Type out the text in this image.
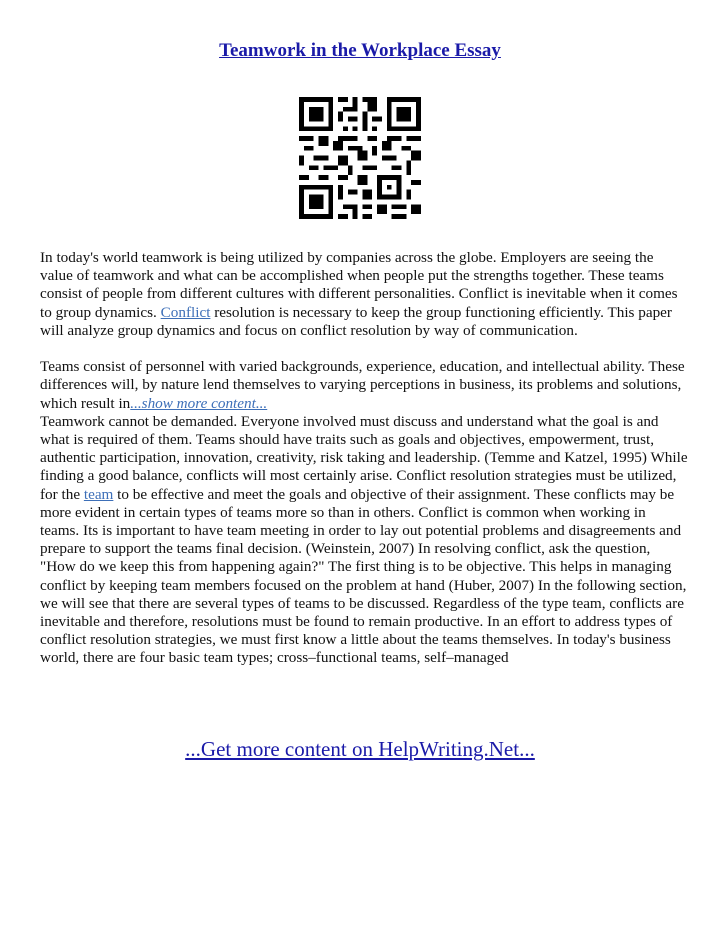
Teamwork in the Workplace Essay

In today's world teamwork is being utilized by companies across the globe. Employers are seeing the value of teamwork and what can be accomplished when people put the strengths together. These teams consist of people from different cultures with different personalities. Conflict is inevitable when it comes to group dynamics. Conflict resolution is necessary to keep the group functioning efficiently. This paper will analyze group dynamics and focus on conflict resolution by way of communication.

Teams consist of personnel with varied backgrounds, experience, education, and intellectual ability. These differences will, by nature lend themselves to varying perceptions in business, its problems and solutions, which result in...show more content...

Teamwork cannot be demanded. Everyone involved must discuss and understand what the goal is and what is required of them. Teams should have traits such as goals and objectives, empowerment, trust, authentic participation, innovation, creativity, risk taking and leadership. (Temme and Katzel, 1995) While finding a good balance, conflicts will most certainly arise. Conflict resolution strategies must be utilized, for the team to be effective and meet the goals and objective of their assignment. These conflicts may be more evident in certain types of teams more so than in others. Conflict is common when working in teams. Its is important to have team meeting in order to lay out potential problems and disagreements and prepare to support the teams final decision. (Weinstein, 2007) In resolving conflict, ask the question, "How do we keep this from happening again?" The first thing is to be objective. This helps in managing conflict by keeping team members focused on the problem at hand (Huber, 2007) In the following section, we will see that there are several types of teams to be discussed. Regardless of the type team, conflicts are inevitable and therefore, resolutions must be found to remain productive. In an effort to address types of conflict resolution strategies, we must first know a little about the teams themselves. In today's business world, there are four basic team types; cross–functional teams, self–managed

...Get more content on HelpWriting.Net...
